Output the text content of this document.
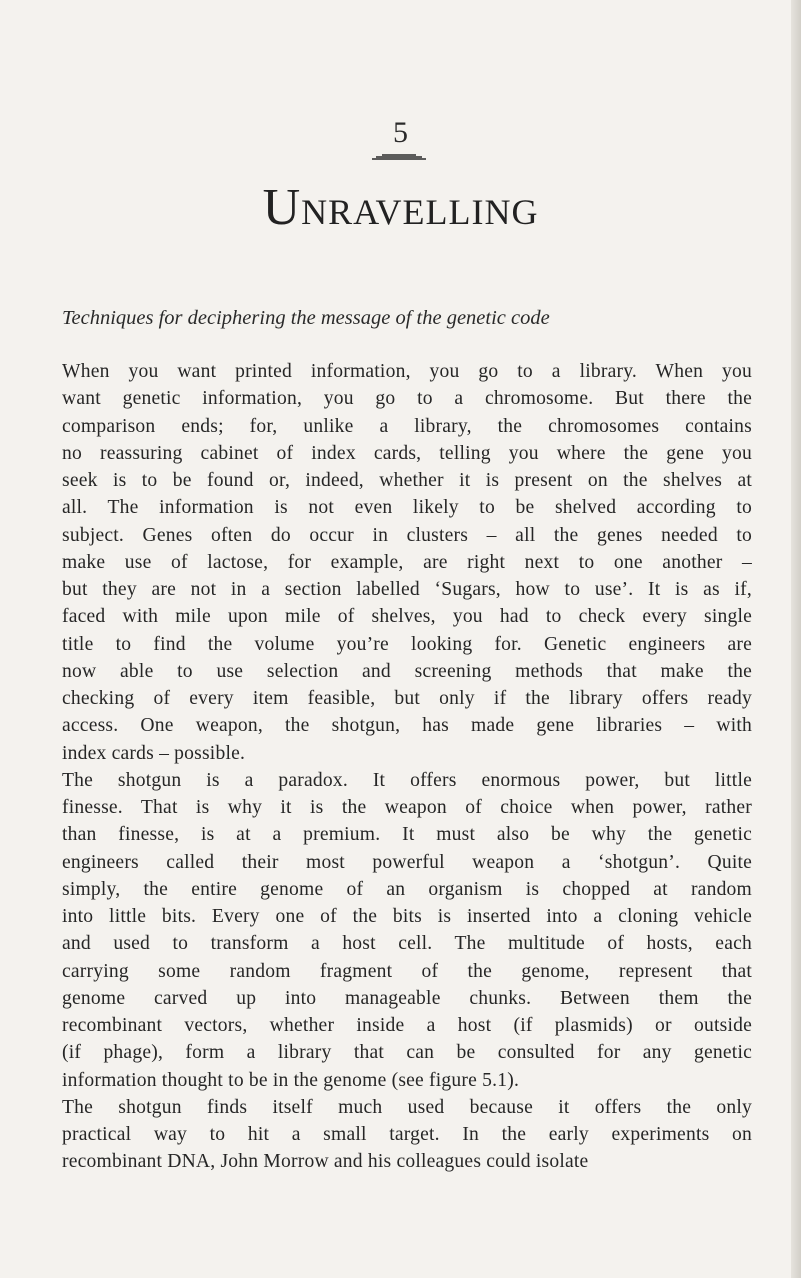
5
Unravelling
Techniques for deciphering the message of the genetic code
When you want printed information, you go to a library. When you
want genetic information, you go to a chromosome. But there the
comparison ends; for, unlike a library, the chromosomes contains
no reassuring cabinet of index cards, telling you where the gene you
seek is to be found or, indeed, whether it is present on the shelves at
all. The information is not even likely to be shelved according to
subject. Genes often do occur in clusters – all the genes needed to
make use of lactose, for example, are right next to one another –
but they are not in a section labelled ‘Sugars, how to use’. It is as if,
faced with mile upon mile of shelves, you had to check every single
title to find the volume you’re looking for. Genetic engineers are
now able to use selection and screening methods that make the
checking of every item feasible, but only if the library offers ready
access. One weapon, the shotgun, has made gene libraries – with
index cards – possible.
The shotgun is a paradox. It offers enormous power, but little
finesse. That is why it is the weapon of choice when power, rather
than finesse, is at a premium. It must also be why the genetic
engineers called their most powerful weapon a ‘shotgun’. Quite
simply, the entire genome of an organism is chopped at random
into little bits. Every one of the bits is inserted into a cloning vehicle
and used to transform a host cell. The multitude of hosts, each
carrying some random fragment of the genome, represent that
genome carved up into manageable chunks. Between them the
recombinant vectors, whether inside a host (if plasmids) or outside
(if phage), form a library that can be consulted for any genetic
information thought to be in the genome (see figure 5.1).
The shotgun finds itself much used because it offers the only
practical way to hit a small target. In the early experiments on
recombinant DNA, John Morrow and his colleagues could isolate
